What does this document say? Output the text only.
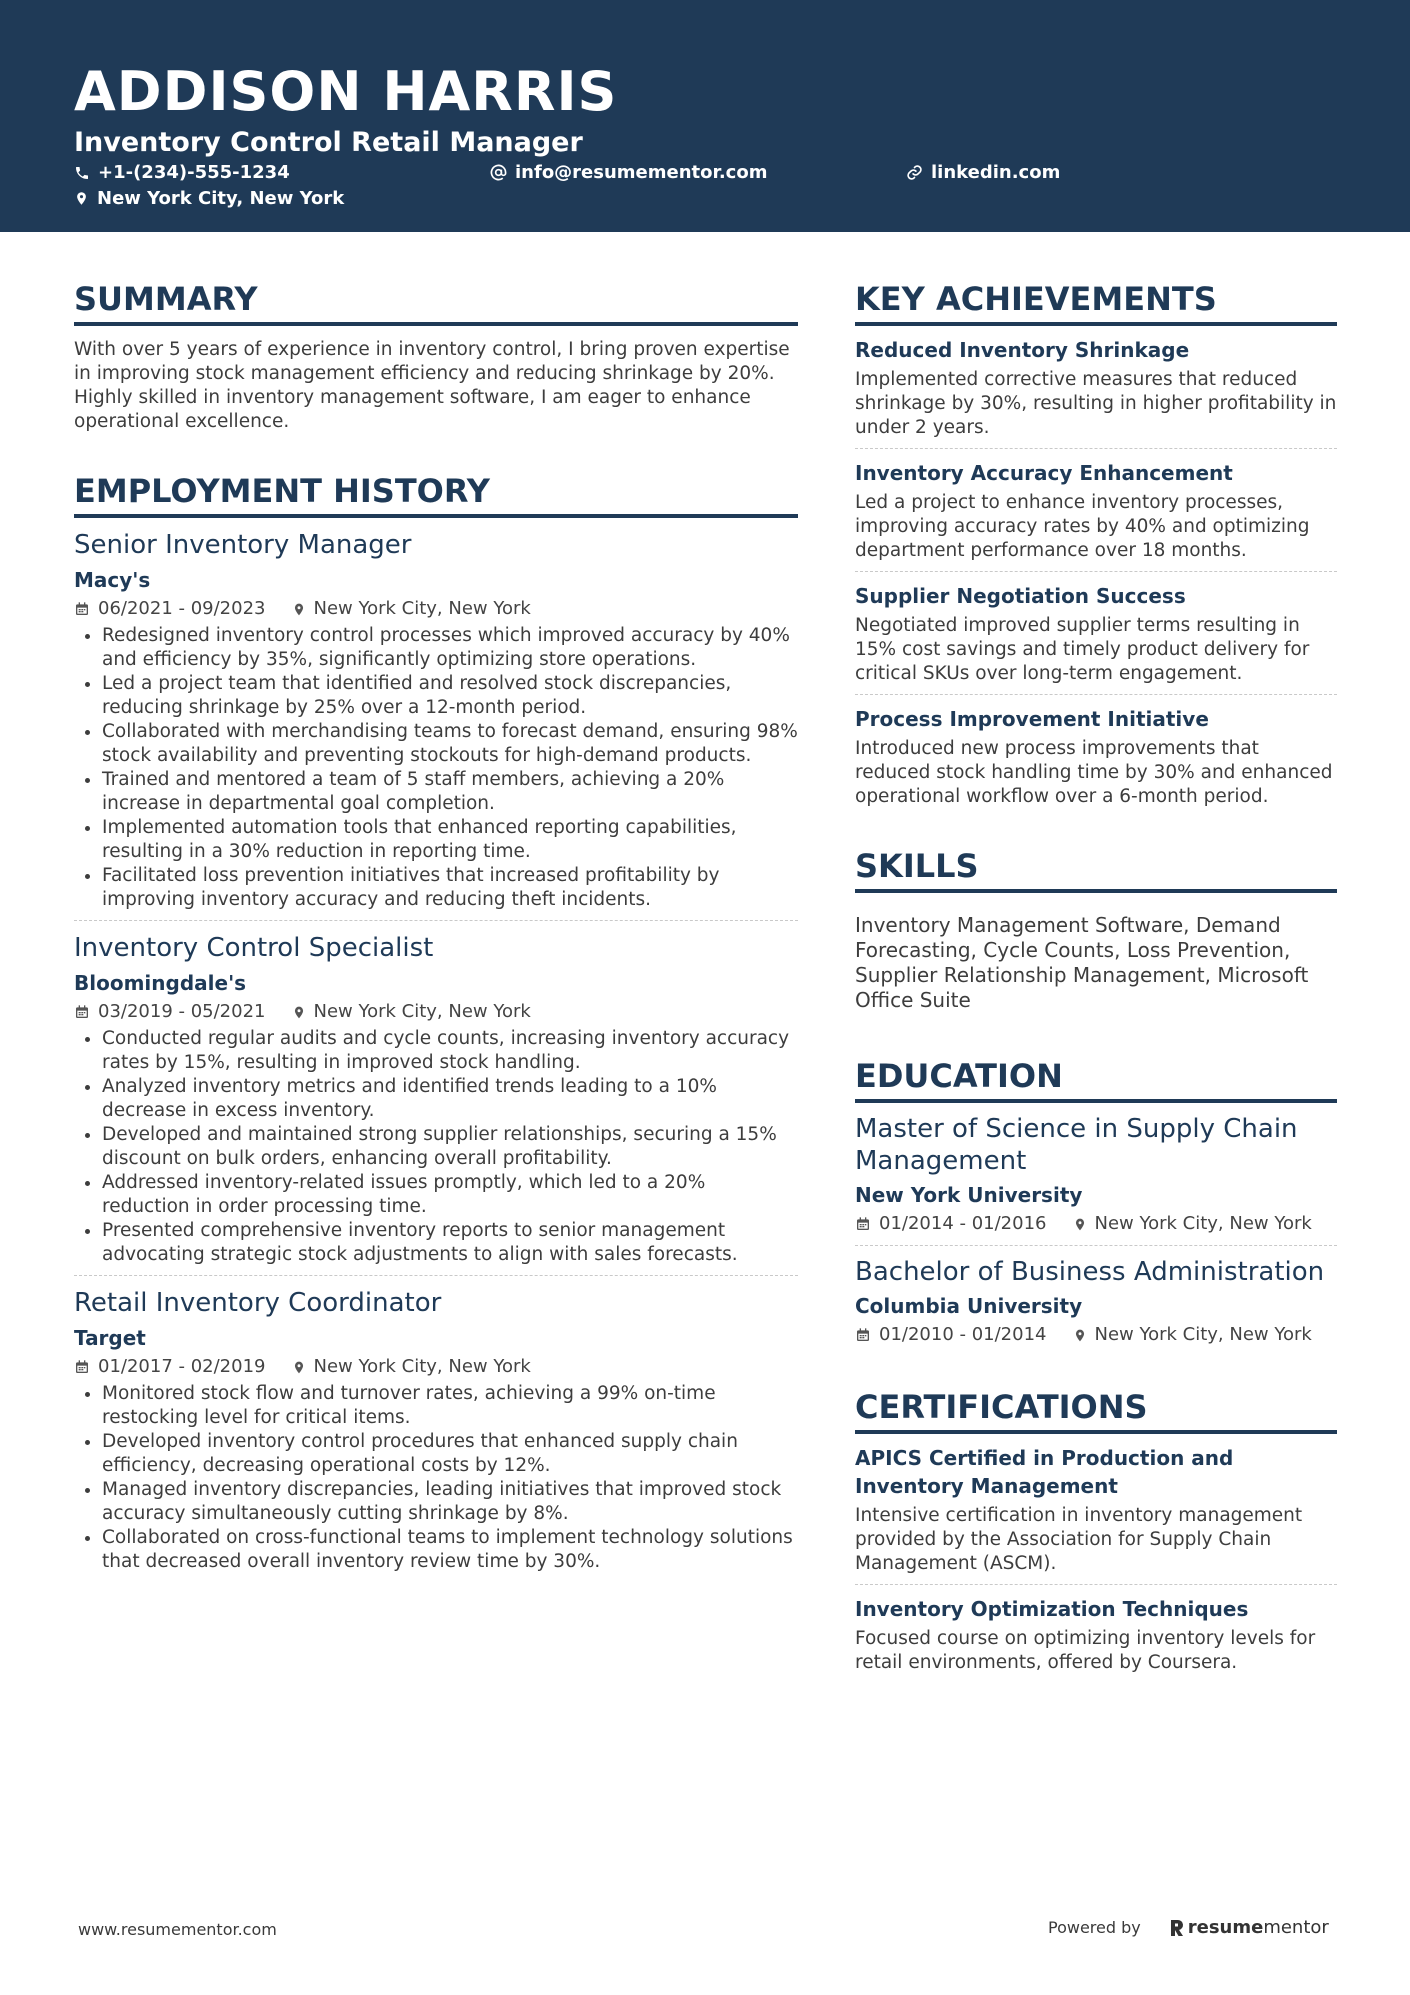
ADDISON HARRIS
Inventory Control Retail Manager
+1-(234)-555-1234	info@resumementor.com	linkedin.com
New York City, New York
SUMMARY
With over 5 years of experience in inventory control, I bring proven expertise in improving stock management efficiency and reducing shrinkage by 20%. Highly skilled in inventory management software, I am eager to enhance operational excellence.
EMPLOYMENT HISTORY
Senior Inventory Manager
Macy's
06/2021 - 09/2023	New York City, New York
• Redesigned inventory control processes which improved accuracy by 40% and efficiency by 35%, significantly optimizing store operations.
• Led a project team that identified and resolved stock discrepancies, reducing shrinkage by 25% over a 12-month period.
• Collaborated with merchandising teams to forecast demand, ensuring 98% stock availability and preventing stockouts for high-demand products.
• Trained and mentored a team of 5 staff members, achieving a 20% increase in departmental goal completion.
• Implemented automation tools that enhanced reporting capabilities, resulting in a 30% reduction in reporting time.
• Facilitated loss prevention initiatives that increased profitability by improving inventory accuracy and reducing theft incidents.
Inventory Control Specialist
Bloomingdale's
03/2019 - 05/2021	New York City, New York
• Conducted regular audits and cycle counts, increasing inventory accuracy rates by 15%, resulting in improved stock handling.
• Analyzed inventory metrics and identified trends leading to a 10% decrease in excess inventory.
• Developed and maintained strong supplier relationships, securing a 15% discount on bulk orders, enhancing overall profitability.
• Addressed inventory-related issues promptly, which led to a 20% reduction in order processing time.
• Presented comprehensive inventory reports to senior management advocating strategic stock adjustments to align with sales forecasts.
Retail Inventory Coordinator
Target
01/2017 - 02/2019	New York City, New York
• Monitored stock flow and turnover rates, achieving a 99% on-time restocking level for critical items.
• Developed inventory control procedures that enhanced supply chain efficiency, decreasing operational costs by 12%.
• Managed inventory discrepancies, leading initiatives that improved stock accuracy simultaneously cutting shrinkage by 8%.
• Collaborated on cross-functional teams to implement technology solutions that decreased overall inventory review time by 30%.
KEY ACHIEVEMENTS
Reduced Inventory Shrinkage
Implemented corrective measures that reduced shrinkage by 30%, resulting in higher profitability in under 2 years.
Inventory Accuracy Enhancement
Led a project to enhance inventory processes, improving accuracy rates by 40% and optimizing department performance over 18 months.
Supplier Negotiation Success
Negotiated improved supplier terms resulting in 15% cost savings and timely product delivery for critical SKUs over long-term engagement.
Process Improvement Initiative
Introduced new process improvements that reduced stock handling time by 30% and enhanced operational workflow over a 6-month period.
SKILLS
Inventory Management Software, Demand Forecasting, Cycle Counts, Loss Prevention, Supplier Relationship Management, Microsoft Office Suite
EDUCATION
Master of Science in Supply Chain Management
New York University
01/2014 - 01/2016	New York City, New York
Bachelor of Business Administration
Columbia University
01/2010 - 01/2014	New York City, New York
CERTIFICATIONS
APICS Certified in Production and Inventory Management
Intensive certification in inventory management provided by the Association for Supply Chain Management (ASCM).
Inventory Optimization Techniques
Focused course on optimizing inventory levels for retail environments, offered by Coursera.
www.resumementor.com	Powered by	resume mentor
